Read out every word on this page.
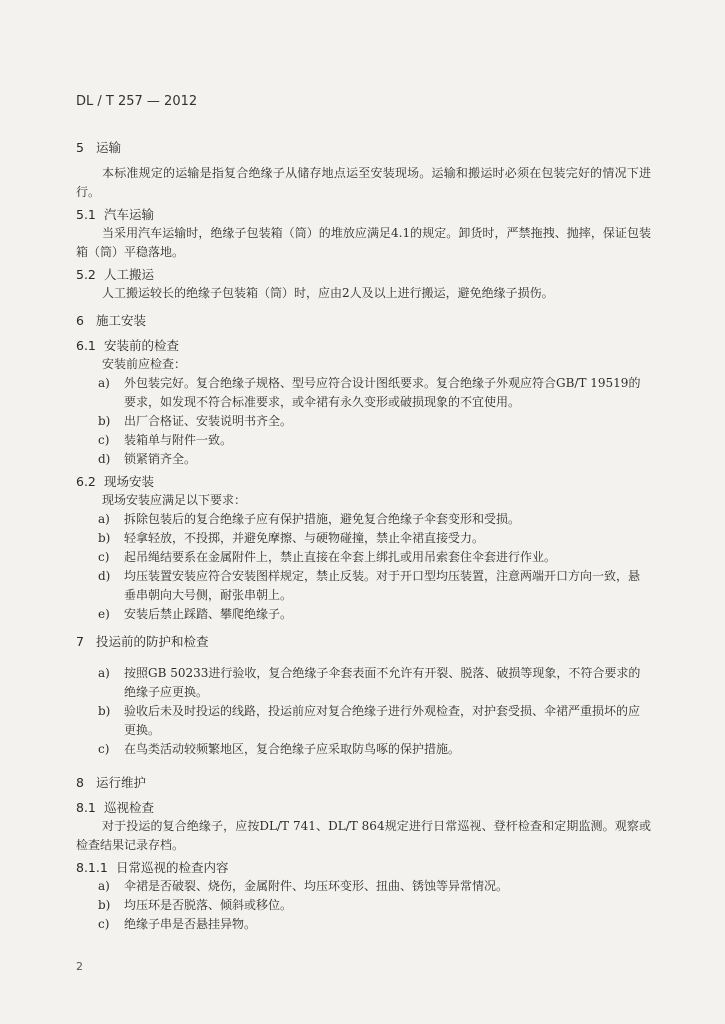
DL / T 257 — 2012
5 运输

本标准规定的运输是指复合绝缘子从储存地点运至安装现场。运输和搬运时必须在包装完好的情况下进行。

5.1 汽车运输

当采用汽车运输时，绝缘子包装箱（筒）的堆放应满足4.1的规定。卸货时，严禁拖拽、抛摔，保证包装箱（筒）平稳落地。

5.2 人工搬运

人工搬运较长的绝缘子包装箱（筒）时，应由2人及以上进行搬运，避免绝缘子损伤。

6 施工安装
6.1 安装前的检查

安装前应检查：

a) 外包装完好。复合绝缘子规格、型号应符合设计图纸要求。复合绝缘子外观应符合GB/T 19519的要求，如发现不符合标准要求，或伞裙有永久变形或破损现象的不宜使用。
b) 出厂合格证、安装说明书齐全。
c) 装箱单与附件一致。
d) 锁紧销齐全。
6.2 现场安装

现场安装应满足以下要求：

a) 拆除包装后的复合绝缘子应有保护措施，避免复合绝缘子伞套变形和受损。
b) 轻拿轻放，不投掷，并避免摩擦、与硬物碰撞，禁止伞裙直接受力。
c) 起吊绳结要系在金属附件上，禁止直接在伞套上绑扎或用吊索套住伞套进行作业。
d) 均压装置安装应符合安装图样规定，禁止反装。对于开口型均压装置，注意两端开口方向一致，悬垂串朝向大号侧，耐张串朝上。
e) 安装后禁止踩踏、攀爬绝缘子。
7 投运前的防护和检查
a) 按照GB 50233进行验收，复合绝缘子伞套表面不允许有开裂、脱落、破损等现象，不符合要求的绝缘子应更换。
b) 验收后未及时投运的线路，投运前应对复合绝缘子进行外观检查，对护套受损、伞裙严重损坏的应更换。
c) 在鸟类活动较频繁地区，复合绝缘子应采取防鸟啄的保护措施。
8 运行维护
8.1 巡视检查

对于投运的复合绝缘子，应按DL/T 741、DL/T 864规定进行日常巡视、登杆检查和定期监测。观察或检查结果记录存档。

8.1.1 日常巡视的检查内容
a) 伞裙是否破裂、烧伤，金属附件、均压环变形、扭曲、锈蚀等异常情况。
b) 均压环是否脱落、倾斜或移位。
c) 绝缘子串是否悬挂异物。
2
